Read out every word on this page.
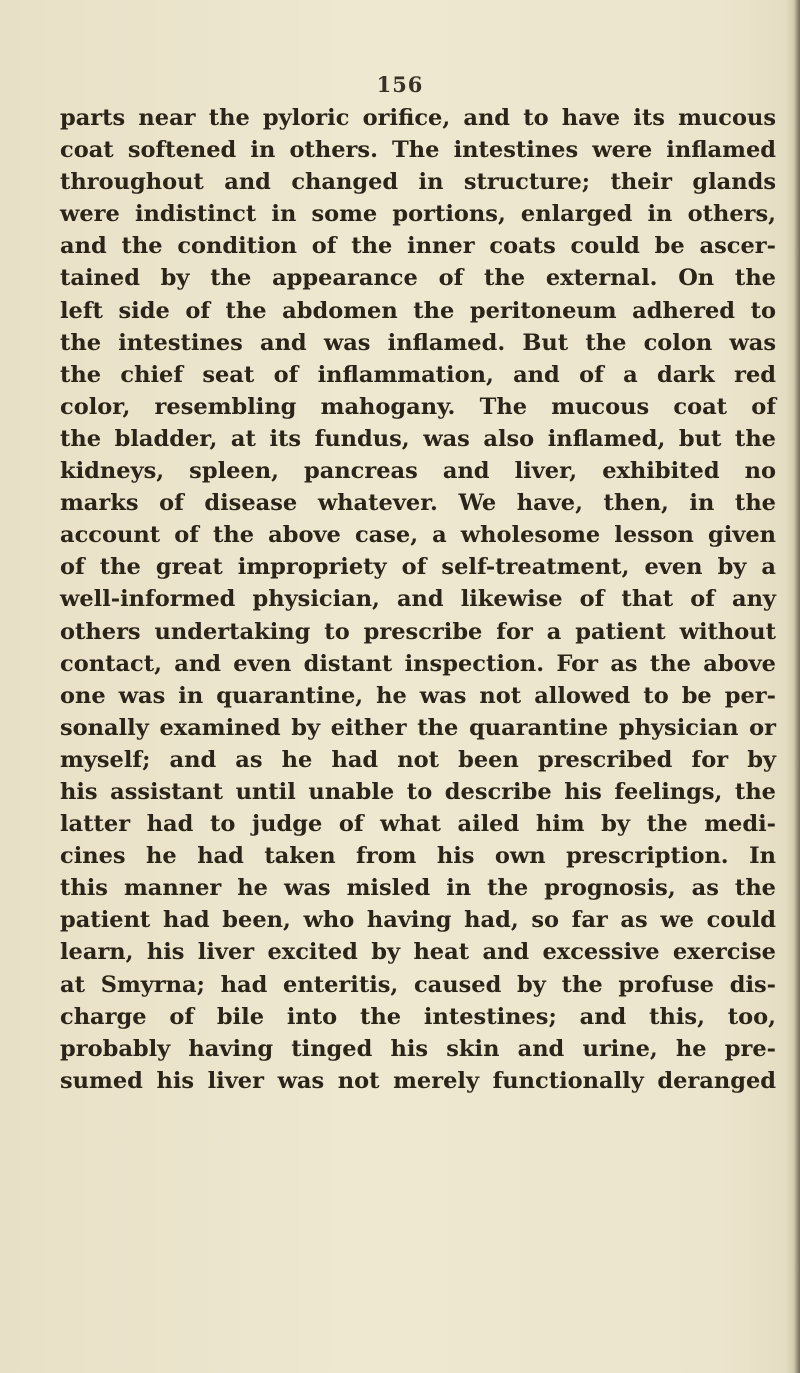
156
parts near the pyloric orifice, and to have its mucous
coat softened in others. The intestines were inflamed
throughout and changed in structure; their glands
were indistinct in some portions, enlarged in others,
and the condition of the inner coats could be ascer-
tained by the appearance of the external. On the
left side of the abdomen the peritoneum adhered to
the intestines and was inflamed. But the colon was
the chief seat of inflammation, and of a dark red
color, resembling mahogany. The mucous coat of
the bladder, at its fundus, was also inflamed, but the
kidneys, spleen, pancreas and liver, exhibited no
marks of disease whatever. We have, then, in the
account of the above case, a wholesome lesson given
of the great impropriety of self-treatment, even by a
well-informed physician, and likewise of that of any
others undertaking to prescribe for a patient without
contact, and even distant inspection. For as the above
one was in quarantine, he was not allowed to be per-
sonally examined by either the quarantine physician or
myself; and as he had not been prescribed for by
his assistant until unable to describe his feelings, the
latter had to judge of what ailed him by the medi-
cines he had taken from his own prescription. In
this manner he was misled in the prognosis, as the
patient had been, who having had, so far as we could
learn, his liver excited by heat and excessive exercise
at Smyrna; had enteritis, caused by the profuse dis-
charge of bile into the intestines; and this, too,
probably having tinged his skin and urine, he pre-
sumed his liver was not merely functionally deranged
